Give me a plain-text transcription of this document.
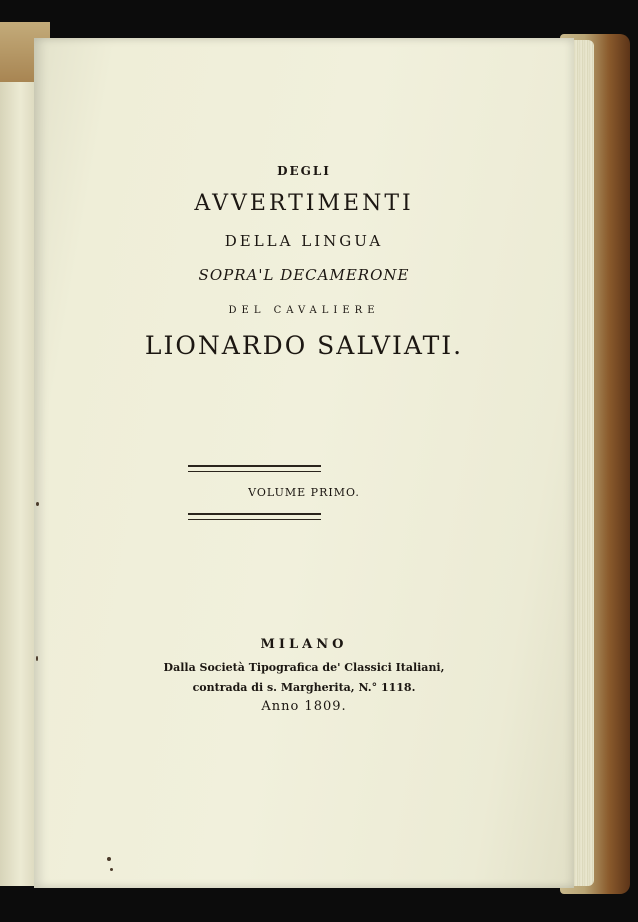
DEGLI
AVVERTIMENTI
DELLA LINGUA
SOPRA'L DECAMERONE
DEL CAVALIERE
LIONARDO SALVIATI.
VOLUME PRIMO.
MILANO
Dalla Società Tipografica de' Classici Italiani,
contrada di s. Margherita, N.° 1118.
Anno 1809.
